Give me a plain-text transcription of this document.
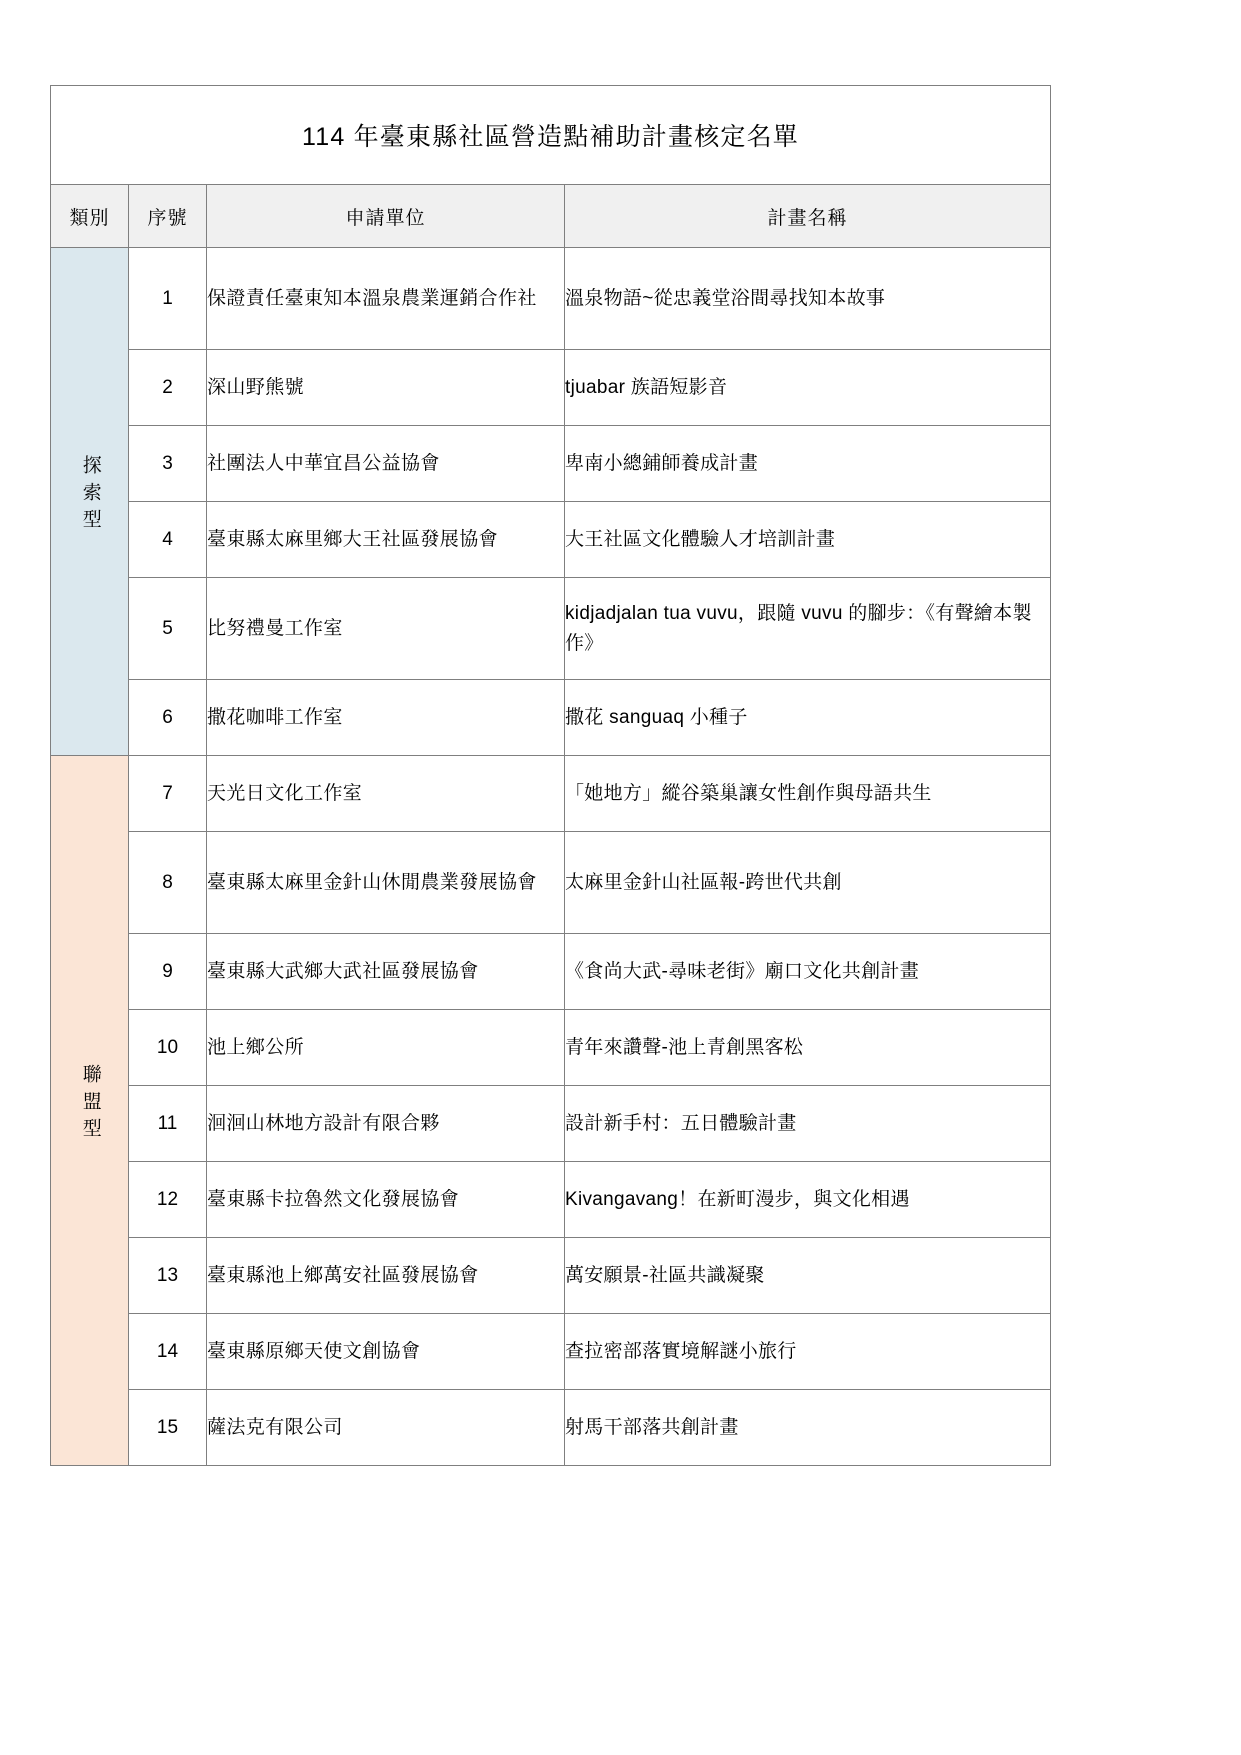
114 年臺東縣社區營造點補助計畫核定名單			
類別	序號	申請單位	計畫名稱
探索型	1	保證責任臺東知本溫泉農業運銷合作社	溫泉物語~從忠義堂浴間尋找知本故事
	2	深山野熊號	tjuabar 族語短影音
	3	社團法人中華宜昌公益協會	卑南小總鋪師養成計畫
	4	臺東縣太麻里鄉大王社區發展協會	大王社區文化體驗人才培訓計畫
	5	比努禮曼工作室	kidjadjalan tua vuvu，跟隨 vuvu 的腳步：《有聲繪本製作》
	6	撒花咖啡工作室	撒花 sanguaq 小種子
聯盟型	7	天光日文化工作室	「她地方」縱谷築巢讓女性創作與母語共生
	8	臺東縣太麻里金針山休閒農業發展協會	太麻里金針山社區報-跨世代共創
	9	臺東縣大武鄉大武社區發展協會	《食尚大武-尋味老街》廟口文化共創計畫
	10	池上鄉公所	青年來讚聲-池上青創黑客松
	11	洄洄山林地方設計有限合夥	設計新手村：五日體驗計畫
	12	臺東縣卡拉魯然文化發展協會	Kivangavang！在新町漫步，與文化相遇
	13	臺東縣池上鄉萬安社區發展協會	萬安願景-社區共識凝聚
	14	臺東縣原鄉天使文創協會	查拉密部落實境解謎小旅行
	15	薩法克有限公司	射馬干部落共創計畫
